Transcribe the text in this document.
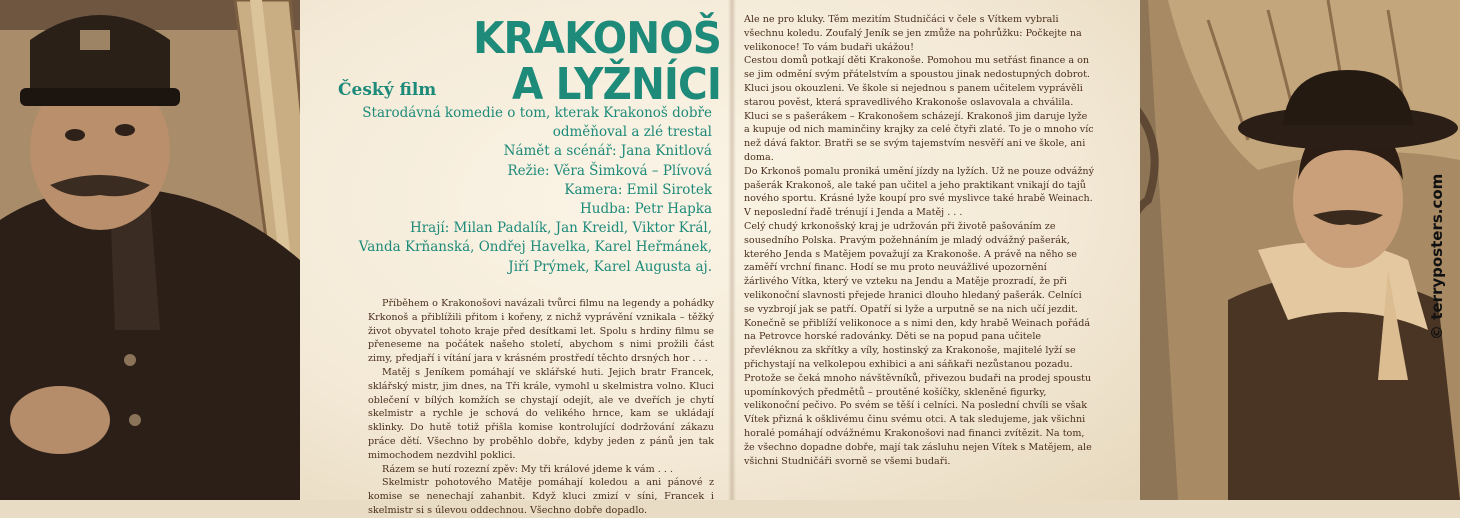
KRAKONOŠ
A LYŽNÍCI
Český film
Starodávná komedie o tom, kterak Krakonoš dobře
odměňoval a zlé trestal
Námět a scénář: Jana Knitlová
Režie: Věra Šimková – Plívová
Kamera: Emil Sirotek
Hudba: Petr Hapka
Hrají: Milan Padalík, Jan Kreidl, Viktor Král,
Vanda Krňanská, Ondřej Havelka, Karel Heřmánek,
Jiří Prýmek, Karel Augusta aj.

Příběhem o Krakonošovi navázali tvůrci filmu na legendy a pohádky Krkonoš a přiblížili přitom i kořeny, z nichž vyprávění vznikala – těžký život obyvatel tohoto kraje před desítkami let. Spolu s hrdiny filmu se přeneseme na počátek našeho století, abychom s nimi prožili část zimy, předjaří i vítání jara v krásném prostředí těchto drsných hor . . .

Matěj s Jeníkem pomáhají ve sklářské huti. Jejich bratr Francek, sklářský mistr, jim dnes, na Tři krále, vymohl u skelmistra volno. Kluci oblečení v bílých komžích se chystají odejít, ale ve dveřích je chytí skelmistr a rychle je schová do velikého hrnce, kam se ukládají sklinky. Do hutě totiž přišla komise kontrolující dodržování zákazu práce dětí. Všechno by proběhlo dobře, kdyby jeden z pánů jen tak mimochodem nezdvihl poklici.

Rázem se hutí rozezní zpěv: My tři králové jdeme k vám . . .

Skelmistr pohotového Matěje pomáhají koledou a ani pánové z komise se nenechají zahanbit. Když kluci zmizí v síni, Francek i skelmistr si s úlevou oddechnou. Všechno dobře dopadlo.

Ale ne pro kluky. Těm mezitím Studničáci v čele s Vítkem vybrali všechnu koledu. Zoufalý Jeník se jen zmůže na pohrůžku: Počkejte na velikonoce! To vám budaři ukážou!

Cestou domů potkají děti Krakonoše. Pomohou mu setřást finance a on se jim odmění svým přátelstvím a spoustou jinak nedostupných dobrot. Kluci jsou okouzleni. Ve škole si nejednou s panem učitelem vyprávěli starou pověst, která spravedlivého Krakonoše oslavovala a chválila. Kluci se s pašerákem – Krakonošem scházejí. Krakonoš jim daruje lyže a kupuje od nich maminčiny krajky za celé čtyři zlaté. To je o mnoho víc než dává faktor. Bratři se se svým tajemstvím nesvěří ani ve škole, ani doma.

Do Krkonoš pomalu proniká umění jízdy na lyžích. Už ne pouze odvážný pašerák Krakonoš, ale také pan učitel a jeho praktikant vnikají do tajů nového sportu. Krásné lyže koupí pro své myslivce také hrabě Weinach. V neposlední řadě trénují i Jenda a Matěj . . .

Celý chudý krkonošský kraj je udržován při životě pašováním ze sousedního Polska. Pravým požehnáním je mladý odvážný pašerák, kterého Jenda s Matějem považují za Krakonoše. A právě na něho se zaměří vrchní financ. Hodí se mu proto neuvážlivé upozornění žárlivého Vítka, který ve vzteku na Jendu a Matěje prozradí, že při velikonoční slavnosti přejede hranici dlouho hledaný pašerák. Celníci se vyzbrojí jak se patří. Opatří si lyže a urputně se na nich učí jezdit.

Konečně se přiblíží velikonoce a s nimi den, kdy hrabě Weinach pořádá na Petrovce horské radovánky. Děti se na popud pana učitele převléknou za skřítky a víly, hostinský za Krakonoše, majitelé lyží se přichystají na velkolepou exhibici a ani sáňkaři nezůstanou pozadu. Protože se čeká mnoho návštěvníků, přivezou budaři na prodej spoustu upomínkových předmětů – proutěné košíčky, skleněné figurky, velikonoční pečivo. Po svém se těší i celníci. Na poslední chvíli se však Vítek přizná k ošklivému činu svému otci. A tak sledujeme, jak všichni horalé pomáhají odvážnému Krakonošovi nad financi zvítězit. Na tom, že všechno dopadne dobře, mají tak zásluhu nejen Vítek s Matějem, ale všichni Studničáři svorně se všemi budaři.

© terryposters.com
